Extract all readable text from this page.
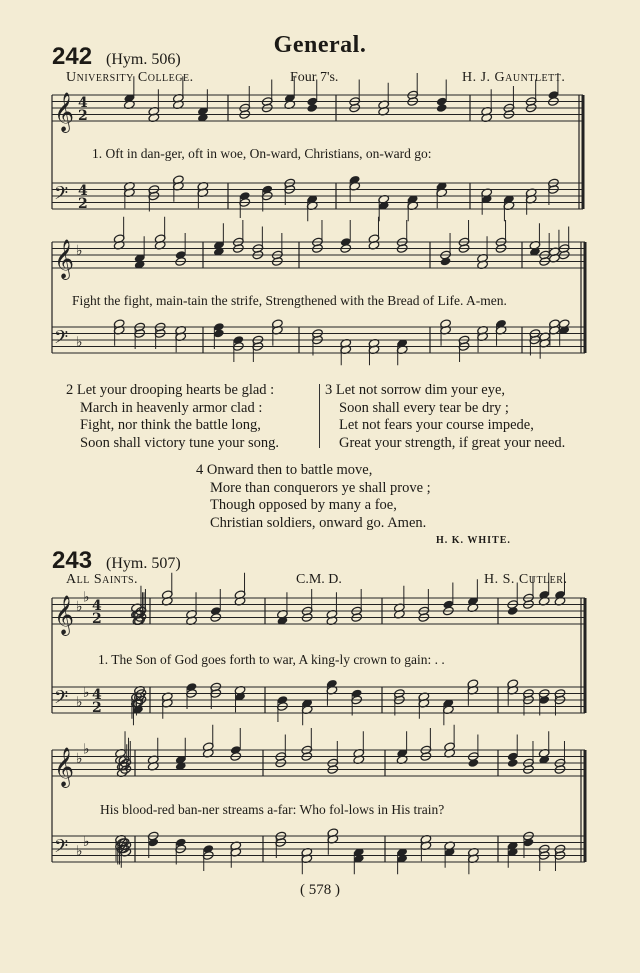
General.
242 (Hym. 506)
University College.	Four 7's.	H. J. Gauntlett.
𝄞 4
2
𝄢 4
2
𝄞 ♭
𝄢 ♭
𝄞 ♭
♭
4
2
𝄢 ♭
♭ 4
2
𝄞 ♭
♭
𝄢 ♭
♭
1. Oft in dan-ger, oft in woe, On-ward, Christians, on-ward go:
Fight the fight, main-tain the strife, Strengthened with the Bread of Life. A-men.
2 Let your drooping hearts be glad :
March in heavenly armor clad :
Fight, nor think the battle long,
Soon shall victory tune your song.
3 Let not sorrow dim your eye,
Soon shall every tear be dry ;
Let not fears your course impede,
Great your strength, if great your need.
4 Onward then to battle move,
More than conquerors ye shall prove ;
Though opposed by many a foe,
Christian soldiers, onward go. Amen.
H. K. WHITE.
243 (Hym. 507)
All Saints.	C.M. D.	H. S. Cutler.
1. The Son of God goes forth to war, A king-ly crown to gain: . .
His blood-red ban-ner streams a-far: Who fol-lows in His train?
( 578 )
